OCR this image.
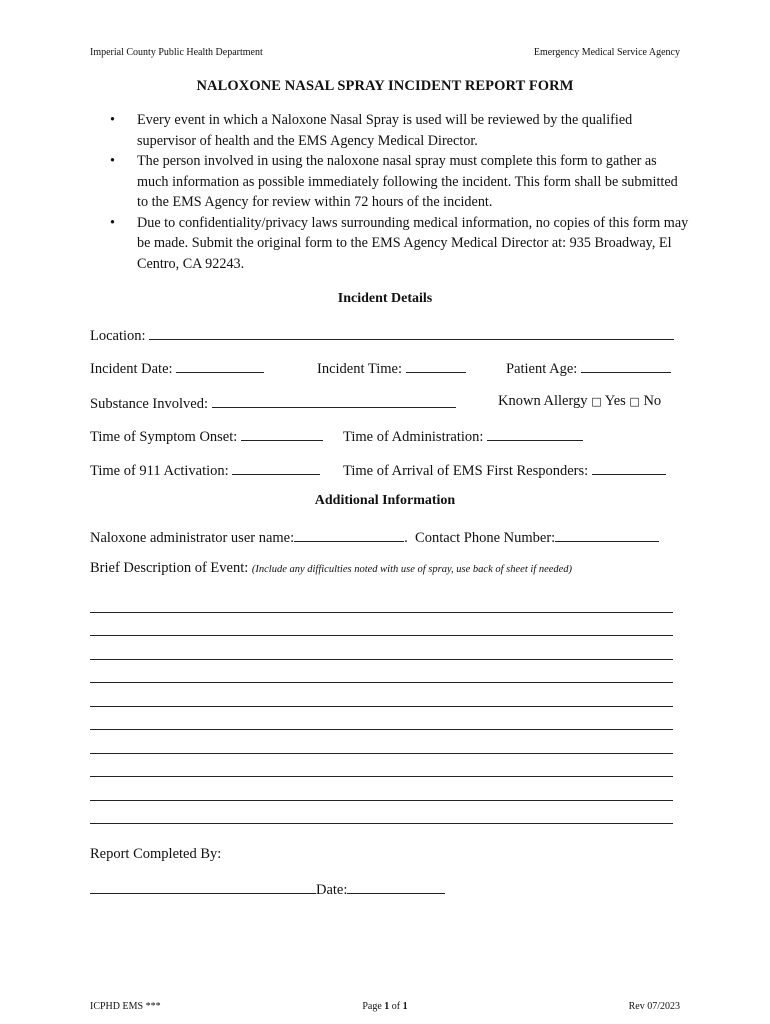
Imperial County Public Health Department	Emergency Medical Service Agency
NALOXONE NASAL SPRAY INCIDENT REPORT FORM
• Every event in which a Naloxone Nasal Spray is used will be reviewed by the qualified supervisor of health and the EMS Agency Medical Director.
• The person involved in using the naloxone nasal spray must complete this form to gather as much information as possible immediately following the incident. This form shall be submitted to the EMS Agency for review within 72 hours of the incident.
• Due to confidentiality/privacy laws surrounding medical information, no copies of this form may be made. Submit the original form to the EMS Agency Medical Director at: 935 Broadway, El Centro, CA 92243.
Incident Details
Location:
Incident Date:	Incident Time:	Patient Age:
Substance Involved:	Known Allergy □ Yes □ No
Time of Symptom Onset:	Time of Administration:
Time of 911 Activation:	Time of Arrival of EMS First Responders:
Additional Information
Naloxone administrator user name:	.  Contact Phone Number:
Brief Description of Event: (Include any difficulties noted with use of spray, use back of sheet if needed)
Report Completed By:
Date:
ICPHD EMS ***	Page 1 of 1	Rev 07/2023
